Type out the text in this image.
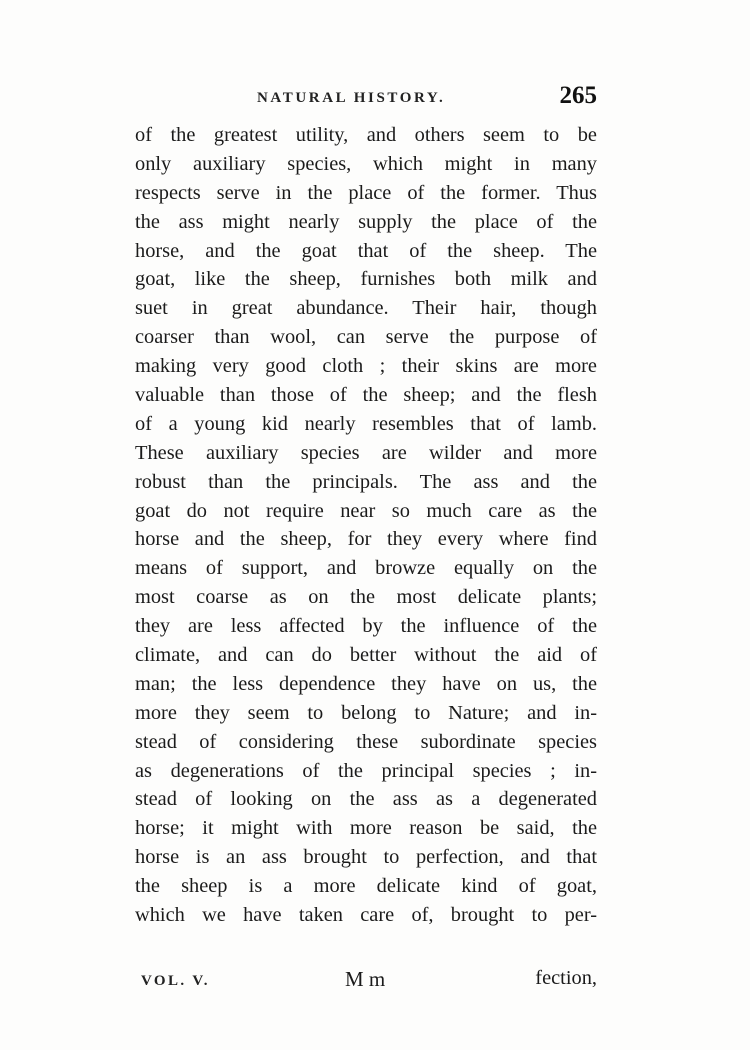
NATURAL HISTORY.	265
of the greatest utility, and others seem to be
only auxiliary species, which might in many
respects serve in the place of the former. Thus
the ass might nearly supply the place of the
horse, and the goat that of the sheep. The
goat, like the sheep, furnishes both milk and
suet in great abundance. Their hair, though
coarser than wool, can serve the purpose of
making very good cloth ; their skins are more
valuable than those of the sheep; and the flesh
of a young kid nearly resembles that of lamb.
These auxiliary species are wilder and more
robust than the principals. The ass and the
goat do not require near so much care as the
horse and the sheep, for they every where find
means of support, and browze equally on the
most coarse as on the most delicate plants;
they are less affected by the influence of the
climate, and can do better without the aid of
man; the less dependence they have on us, the
more they seem to belong to Nature; and in-
stead of considering these subordinate species
as degenerations of the principal species ; in-
stead of looking on the ass as a degenerated
horse; it might with more reason be said, the
horse is an ass brought to perfection, and that
the sheep is a more delicate kind of goat,
which we have taken care of, brought to per-
VOL. V.	M m	fection,
